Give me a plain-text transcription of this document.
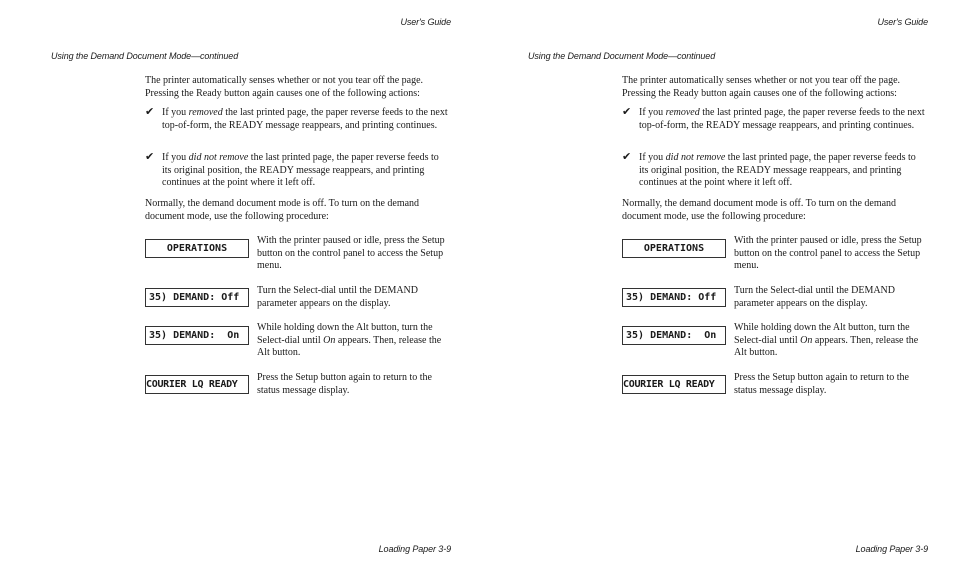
User's Guide
Using the Demand Document Mode—continued
The printer automatically senses whether or not you tear off the page. Pressing the Ready button again causes one of the following actions:
✔ If you removed the last printed page, the paper reverse feeds to the next top-of-form, the READY message reappears, and printing continues.
✔ If you did not remove the last printed page, the paper reverse feeds to its original position, the READY message reappears, and printing continues at the point where it left off.
Normally, the demand document mode is off. To turn on the demand document mode, use the following procedure:
OPERATIONS
With the printer paused or idle, press the Setup button on the control panel to access the Setup menu.
35) DEMAND: Off
Turn the Select-dial until the DEMAND parameter appears on the display.
35) DEMAND:  On
While holding down the Alt button, turn the Select-dial until On appears. Then, release the Alt button.
COURIER LQ READY
Press the Setup button again to return to the status message display.
Loading Paper 3-9
User's Guide
Using the Demand Document Mode—continued
The printer automatically senses whether or not you tear off the page. Pressing the Ready button again causes one of the following actions:
✔ If you removed the last printed page, the paper reverse feeds to the next top-of-form, the READY message reappears, and printing continues.
✔ If you did not remove the last printed page, the paper reverse feeds to its original position, the READY message reappears, and printing continues at the point where it left off.
Normally, the demand document mode is off. To turn on the demand document mode, use the following procedure:
OPERATIONS
With the printer paused or idle, press the Setup button on the control panel to access the Setup menu.
35) DEMAND: Off
Turn the Select-dial until the DEMAND parameter appears on the display.
35) DEMAND:  On
While holding down the Alt button, turn the Select-dial until On appears. Then, release the Alt button.
COURIER LQ READY
Press the Setup button again to return to the status message display.
Loading Paper 3-9
